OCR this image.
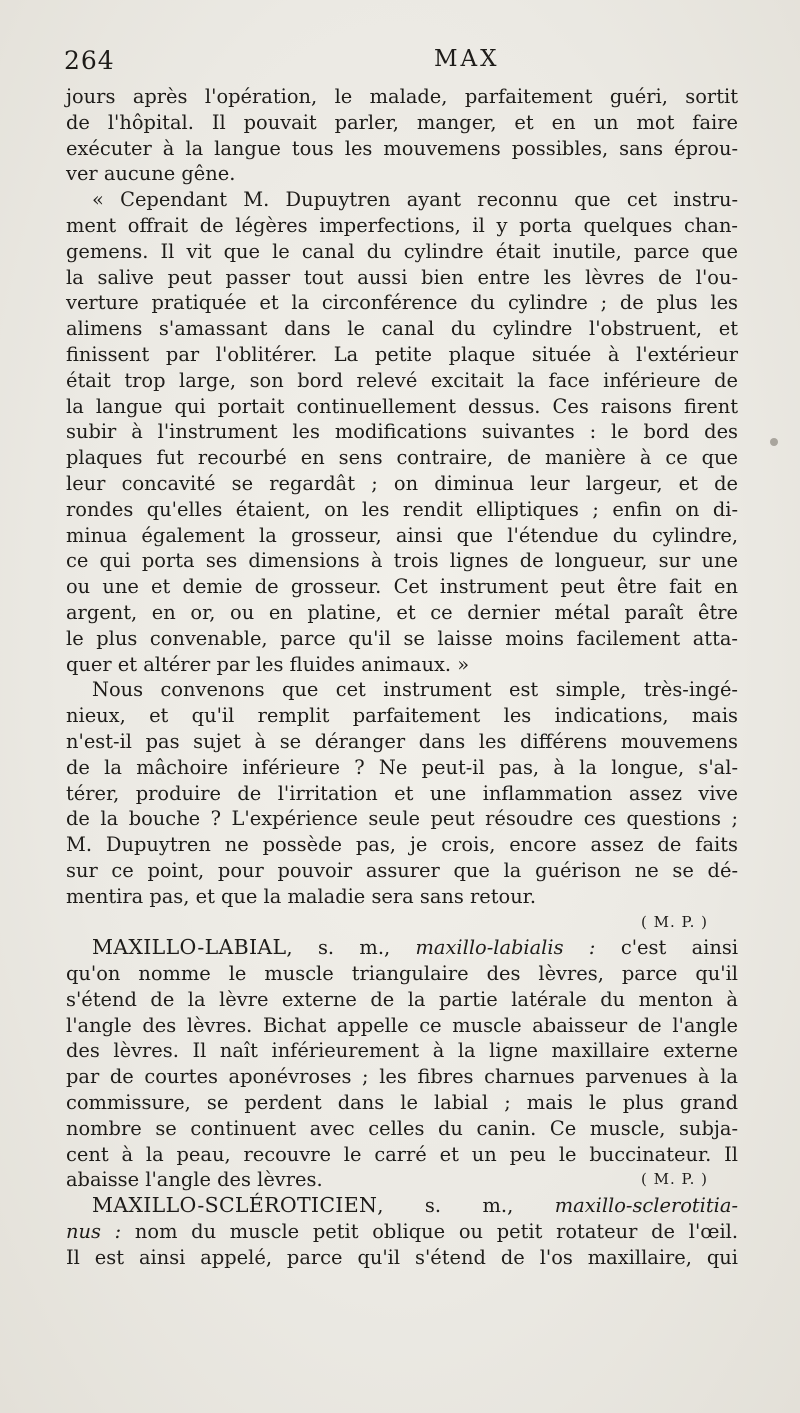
264	MAX
jours après l'opération, le malade, parfaitement guéri, sortit
de l'hôpital. Il pouvait parler, manger, et en un mot faire
exécuter à la langue tous les mouvemens possibles, sans éprou-
ver aucune gêne.
« Cependant M. Dupuytren ayant reconnu que cet instru-
ment offrait de légères imperfections, il y porta quelques chan-
gemens. Il vit que le canal du cylindre était inutile, parce que
la salive peut passer tout aussi bien entre les lèvres de l'ou-
verture pratiquée et la circonférence du cylindre ; de plus les
alimens s'amassant dans le canal du cylindre l'obstruent, et
finissent par l'oblitérer. La petite plaque située à l'extérieur
était trop large, son bord relevé excitait la face inférieure de
la langue qui portait continuellement dessus. Ces raisons firent
subir à l'instrument les modifications suivantes : le bord des
plaques fut recourbé en sens contraire, de manière à ce que
leur concavité se regardât ; on diminua leur largeur, et de
rondes qu'elles étaient, on les rendit elliptiques ; enfin on di-
minua également la grosseur, ainsi que l'étendue du cylindre,
ce qui porta ses dimensions à trois lignes de longueur, sur une
ou une et demie de grosseur. Cet instrument peut être fait en
argent, en or, ou en platine, et ce dernier métal paraît être
le plus convenable, parce qu'il se laisse moins facilement atta-
quer et altérer par les fluides animaux. »
Nous convenons que cet instrument est simple, très-ingé-
nieux, et qu'il remplit parfaitement les indications, mais
n'est-il pas sujet à se déranger dans les différens mouvemens
de la mâchoire inférieure ? Ne peut-il pas, à la longue, s'al-
térer, produire de l'irritation et une inflammation assez vive
de la bouche ? L'expérience seule peut résoudre ces questions ;
M. Dupuytren ne possède pas, je crois, encore assez de faits
sur ce point, pour pouvoir assurer que la guérison ne se dé-
mentira pas, et que la maladie sera sans retour.
( M. P. )
MAXILLO-LABIAL, s. m., maxillo-labialis : c'est ainsi
qu'on nomme le muscle triangulaire des lèvres, parce qu'il
s'étend de la lèvre externe de la partie latérale du menton à
l'angle des lèvres. Bichat appelle ce muscle abaisseur de l'angle
des lèvres. Il naît inférieurement à la ligne maxillaire externe
par de courtes aponévroses ; les fibres charnues parvenues à la
commissure, se perdent dans le labial ; mais le plus grand
nombre se continuent avec celles du canin. Ce muscle, subja-
cent à la peau, recouvre le carré et un peu le buccinateur. Il
abaisse l'angle des lèvres.	( M. P. )
MAXILLO-SCLÉROTICIEN, s. m., maxillo-sclerotitia-
nus : nom du muscle petit oblique ou petit rotateur de l'œil.
Il est ainsi appelé, parce qu'il s'étend de l'os maxillaire, qui
